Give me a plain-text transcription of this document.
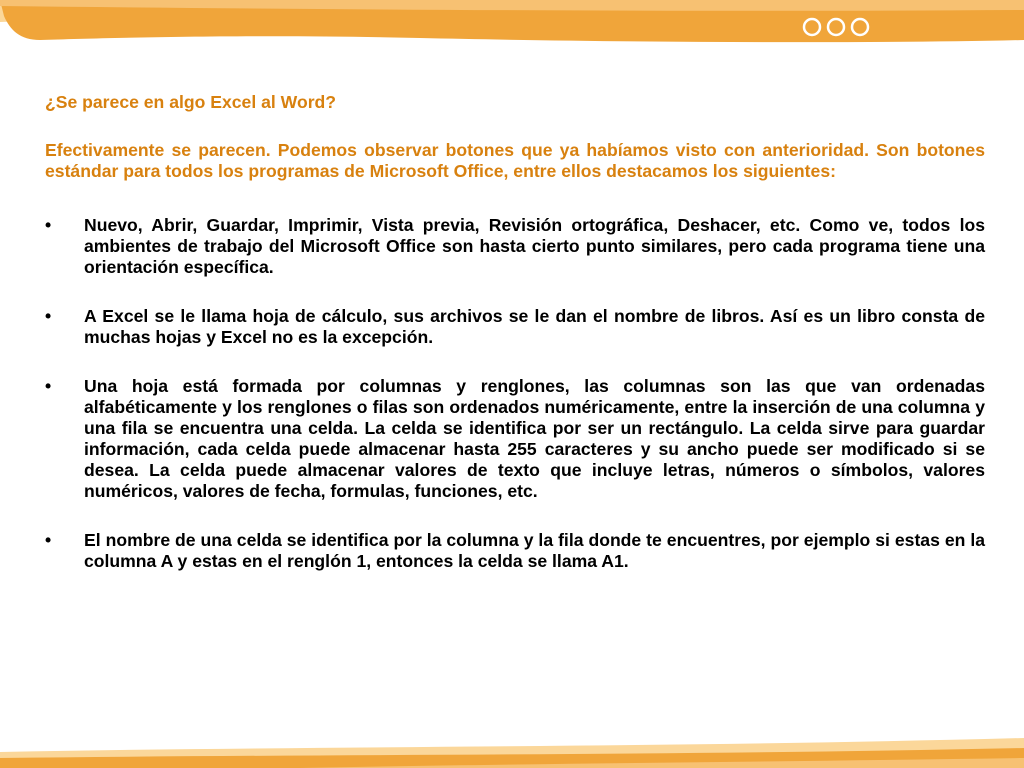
¿Se parece en algo Excel al Word?

Efectivamente se parecen. Podemos observar botones que ya habíamos visto con anterioridad. Son botones estándar para todos los programas de Microsoft Office, entre ellos destacamos los siguientes:

• Nuevo, Abrir, Guardar, Imprimir, Vista previa, Revisión ortográfica, Deshacer, etc. Como ve, todos los ambientes de trabajo del Microsoft Office son hasta cierto punto similares, pero cada programa tiene una orientación específica.
• A Excel se le llama hoja de cálculo, sus archivos se le dan el nombre de libros. Así es un libro consta de muchas hojas y Excel no es la excepción.
• Una hoja está formada por columnas y renglones, las columnas son las que van ordenadas alfabéticamente y los renglones o filas son ordenados numéricamente, entre la inserción de una columna y una fila se encuentra una celda. La celda se identifica por ser un rectángulo. La celda sirve para guardar información, cada celda puede almacenar hasta 255 caracteres y su ancho puede ser modificado si se desea. La celda puede almacenar valores de texto que incluye letras, números o símbolos, valores numéricos, valores de fecha, formulas, funciones, etc.
• El nombre de una celda se identifica por la columna y la fila donde te encuentres, por ejemplo si estas en la columna A y estas en el renglón 1, entonces la celda se llama A1.
